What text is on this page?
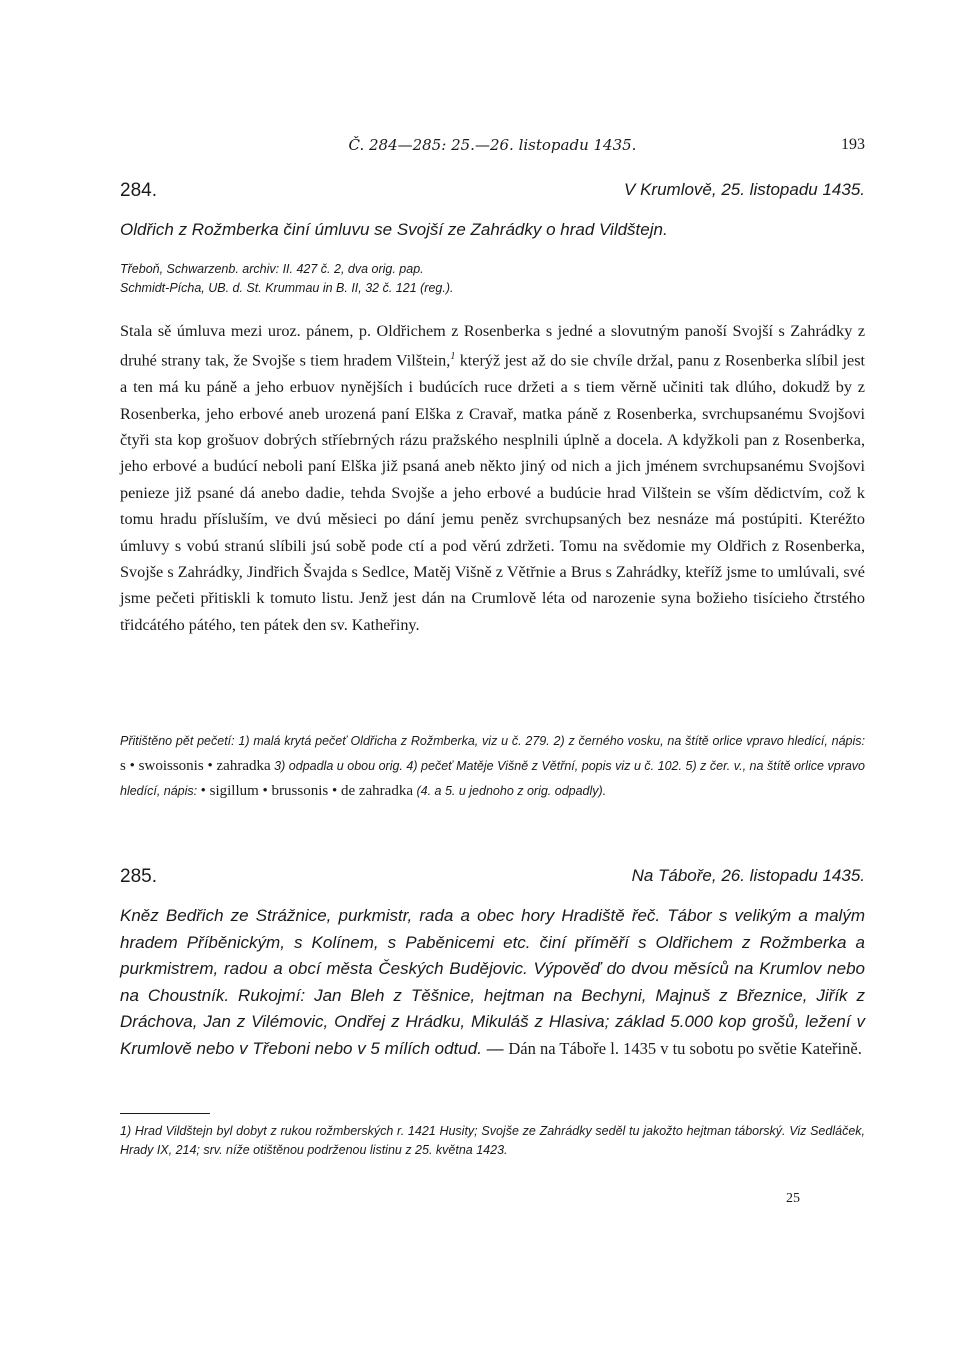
Č. 284—285: 25.—26. listopadu 1435.	193
284.	V Krumlově, 25. listopadu 1435.
Oldřich z Rožmberka činí úmluvu se Svojší ze Zahrádky o hrad Vildštejn.
Třeboň, Schwarzenb. archiv: II. 427 č. 2, dva orig. pap.
Schmidt-Pícha, UB. d. St. Krummau in B. II, 32 č. 121 (reg.).
Stala sě úmluva mezi uroz. pánem, p. Oldřichem z Rosenberka s jedné a slovutným panoší Svojší s Zahrádky z druhé strany tak, že Svojše s tiem hradem Vilštein,$^1$ kterýž jest až do sie chvíle držal, panu z Rosenberka slíbil jest a ten má ku páně a jeho erbuov nynějších i budúcích ruce držeti a s tiem věrně učiniti tak dlúho, dokudž by z Rosenberka, jeho erbové aneb urozená paní Elška z Cravař, matka páně z Rosenberka, svrchupsanému Svojšovi čtyři sta kop grošuov dobrých stříebrných rázu pražského nesplnili úplně a docela. A kdyžkoli pan z Rosenberka, jeho erbové a budúcí neboli paní Elška již psaná aneb někto jiný od nich a jich jménem svrchupsanému Svojšovi penieze již psané dá anebo dadie, tehda Svojše a jeho erbové a budúcie hrad Vilštein se vším dědictvím, což k tomu hradu přísluším, ve dvú měsieci po dání jemu peněz svrchupsaných bez nesnáze má postúpiti. Kteréžto úmluvy s vobú stranú slíbili jsú sobě pode ctí a pod věrú zdržeti. Tomu na svědomie my Oldřich z Rosenberka, Svojše s Zahrádky, Jindřich Švajda s Sedlce, Matěj Višně z Větřnie a Brus s Zahrádky, kteříž jsme to umlúvali, své jsme pečeti přitiskli k tomuto listu. Jenž jest dán na Crumlově léta od narozenie syna božieho tisícieho čtrstého třidcátého pátého, ten pátek den sv. Katheřiny.
Přitištěno pět pečetí: 1) malá krytá pečeť Oldřicha z Rožmberka, viz u č. 279. 2) z černého vosku, na štítě orlice vpravo hledící, nápis: s • swoissonis • zahradka 3) odpadla u obou orig. 4) pečeť Matěje Višně z Větřní, popis viz u č. 102. 5) z čer. v., na štítě orlice vpravo hledící, nápis: • sigillum • brussonis • de zahradka (4. a 5. u jednoho z orig. odpadly).
285.	Na Táboře, 26. listopadu 1435.
Kněz Bedřich ze Strážnice, purkmistr, rada a obec hory Hradiště řeč. Tábor s velikým a malým hradem Příběnickým, s Kolínem, s Paběnicemi etc. činí příměří s Oldřichem z Rožmberka a purkmistrem, radou a obcí města Českých Budějovic. Výpověď do dvou měsíců na Krumlov nebo na Choustník. Rukojmí: Jan Bleh z Těšnice, hejtman na Bechyni, Majnuš z Březnice, Jiřík z Dráchova, Jan z Vilémovic, Ondřej z Hrádku, Mikuláš z Hlasiva; základ 5.000 kop grošů, ležení v Krumlově nebo v Třeboni nebo v 5 mílích odtud. — Dán na Táboře l. 1435 v tu sobotu po světie Kateřině.
1) Hrad Vildštejn byl dobyt z rukou rožmberských r. 1421 Husity; Svojše ze Zahrádky seděl tu jakožto hejtman táborský. Viz Sedláček, Hrady IX, 214; srv. níže otištěnou podrženou listinu z 25. května 1423.
25
